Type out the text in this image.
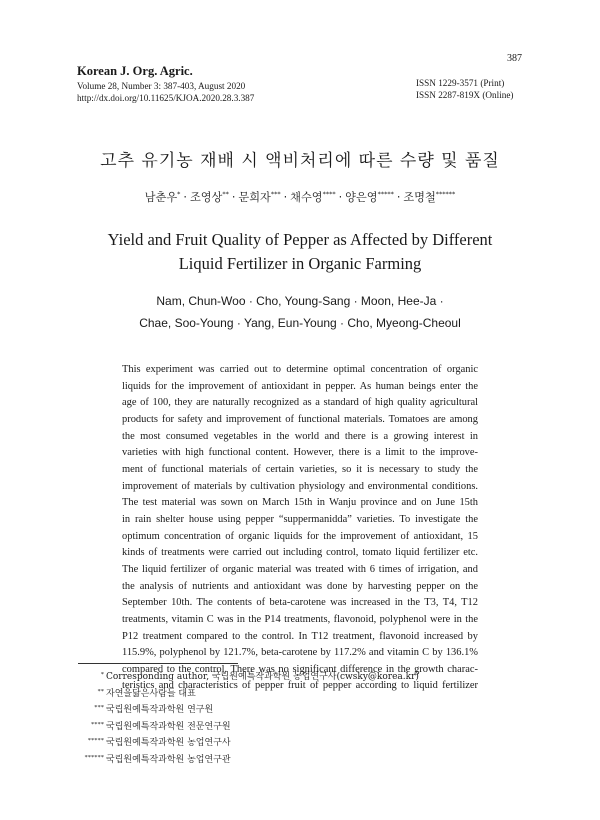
387
Korean J. Org. Agric.
Volume 28, Number 3: 387-403, August 2020
http://dx.doi.org/10.11625/KJOA.2020.28.3.387
ISSN 1229-3571 (Print)
ISSN 2287-819X (Online)
고추 유기농 재배 시 액비처리에 따른 수량 및 품질
남춘우* · 조영상** · 문희자*** · 채수영**** · 양은영***** · 조명철******
Yield and Fruit Quality of Pepper as Affected by Different
Liquid Fertilizer in Organic Farming
Nam, Chun-Woo · Cho, Young-Sang · Moon, Hee-Ja ·
Chae, Soo-Young · Yang, Eun-Young · Cho, Myeong-Cheoul
This experiment was carried out to determine optimal concentration of organic
liquids for the improvement of antioxidant in pepper. As human beings enter the
age of 100, they are naturally recognized as a standard of high quality agricultural
products for safety and improvement of functional materials. Tomatoes are among
the most consumed vegetables in the world and there is a growing interest in
varieties with high functional content. However, there is a limit to the improve-
ment of functional materials of certain varieties, so it is necessary to study the
improvement of materials by cultivation physiology and environmental conditions.
The test material was sown on March 15th in Wanju province and on June 15th
in rain shelter house using pepper “suppermanidda” varieties. To investigate the
optimum concentration of organic liquids for the improvement of antioxidant, 15
kinds of treatments were carried out including control, tomato liquid fertilizer etc.
The liquid fertilizer of organic material was treated with 6 times of irrigation, and
the analysis of nutrients and antioxidant was done by harvesting pepper on the
September 10th. The contents of beta-carotene was increased in the T3, T4, T12
treatments, vitamin C was in the P14 treatments, flavonoid, polyphenol were in the
P12 treatment compared to the control. In T12 treatment, flavonoid increased by
115.9%, polyphenol by 121.7%, beta-carotene by 117.2% and vitamin C by 136.1%
compared to the control. There was no significant difference in the growth charac-
teristics and characteristics of pepper fruit of pepper according to liquid fertilizer
* Corresponding author, 국립원예특작과학원 농업연구사(cwsky@korea.kr)
** 자연을닮은사람들 대표
*** 국립원예특작과학원 연구원
**** 국립원예특작과학원 전문연구원
***** 국립원예특작과학원 농업연구사
****** 국립원예특작과학원 농업연구관
